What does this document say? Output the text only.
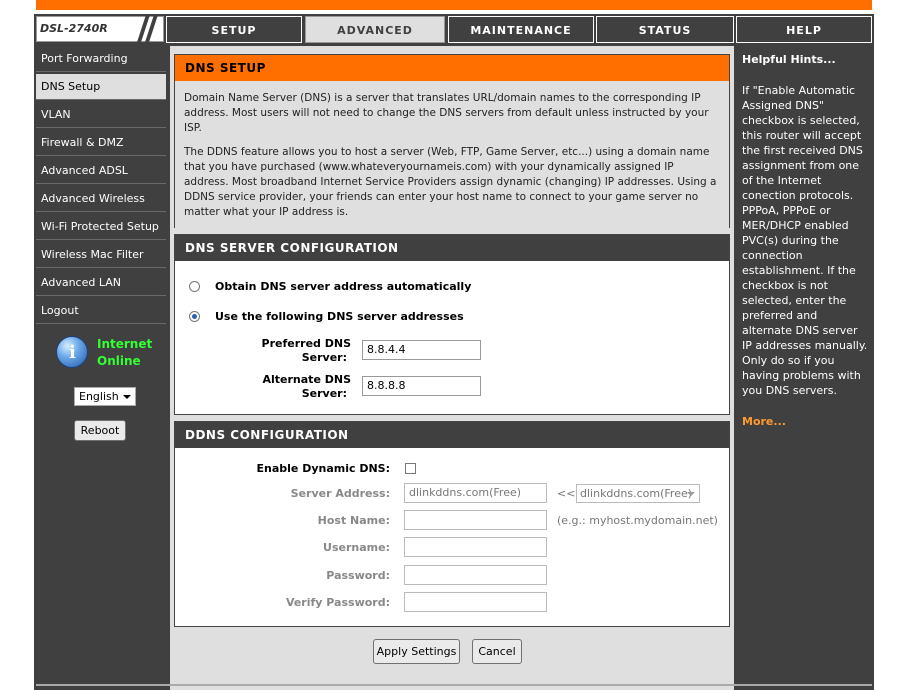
DSL-2740R	SETUP	ADVANCED	MAINTENANCE	STATUS	HELP
Port Forwarding
DNS Setup
VLAN
Firewall & DMZ
Advanced ADSL
Advanced Wireless
Wi-Fi Protected Setup
Wireless Mac Filter
Advanced LAN
Logout
i Internet
Online
English
Reboot
DNS SETUP

Domain Name Server (DNS) is a server that translates URL/domain names to the corresponding IP address. Most users will not need to change the DNS servers from default unless instructed by your ISP.

The DDNS feature allows you to host a server (Web, FTP, Game Server, etc...) using a domain name that you have purchased (www.whateveryournameis.com) with your dynamically assigned IP address. Most broadband Internet Service Providers assign dynamic (changing) IP addresses. Using a DDNS service provider, your friends can enter your host name to connect to your game server no matter what your IP address is.

DNS SERVER CONFIGURATION
Obtain DNS server address automatically
Use the following DNS server addresses
Preferred DNS
Server:
8.8.4.4
Alternate DNS
Server:
8.8.8.8
DDNS CONFIGURATION
Enable Dynamic DNS:
Server Address:	dlinkddns.com(Free)	<< dlinkddns.com(Free)
Host Name:	(e.g.: myhost.mydomain.net)
Username:
Password:
Verify Password:
Apply Settings	Cancel
Helpful Hints...
If "Enable Automatic Assigned DNS" checkbox is selected, this router will accept the first received DNS assignment from one of the Internet conection protocols. PPPoA, PPPoE or MER/DHCP enabled PVC(s) during the connection establishment. If the checkbox is not selected, enter the preferred and alternate DNS server IP addresses manually. Only do so if you having problems with you DNS servers.
More...
